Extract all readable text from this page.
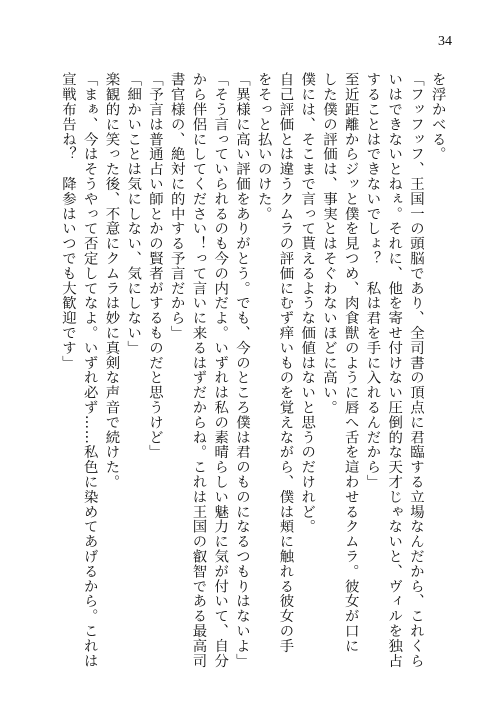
34
を浮かべる。
「フッフッフ、王国一の頭脳であり、全司書の頂点に君臨する立場なんだから、これくら
いはできないとねぇ。それに、他を寄せ付けない圧倒的な天才じゃないと、ヴィルを独占
することはできないでしょ？　私は君を手に入れるんだから」
至近距離からジッと僕を見つめ、肉食獣のように唇へ舌を這わせるクムラ。彼女が口に
した僕の評価は、事実とはそぐわないほどに高い。
僕には、そこまで言って貰えるような価値はないと思うのだけれど。
自己評価とは違うクムラの評価にむず痒いものを覚えながら、僕は頬に触れる彼女の手
をそっと払いのけた。
「異様に高い評価をありがとう。でも、今のところ僕は君のものになるつもりはないよ」
「そう言っていられるのも今の内だよ。いずれは私の素晴らしい魅力に気が付いて、自分
から伴侶にしてください！って言いに来るはずだからね。これは王国の叡智である最高司
書官様の、絶対に的中する予言だから」
「予言は普通占い師とかの賢者がするものだと思うけど」
「細かいことは気にしない、気にしない」
楽観的に笑った後、不意にクムラは妙に真剣な声音で続けた。
「まぁ、今はそうやって否定してなよ。いずれ必ず……私色に染めてあげるから。これは
宣戦布告ね？　降参はいつでも大歓迎です」
